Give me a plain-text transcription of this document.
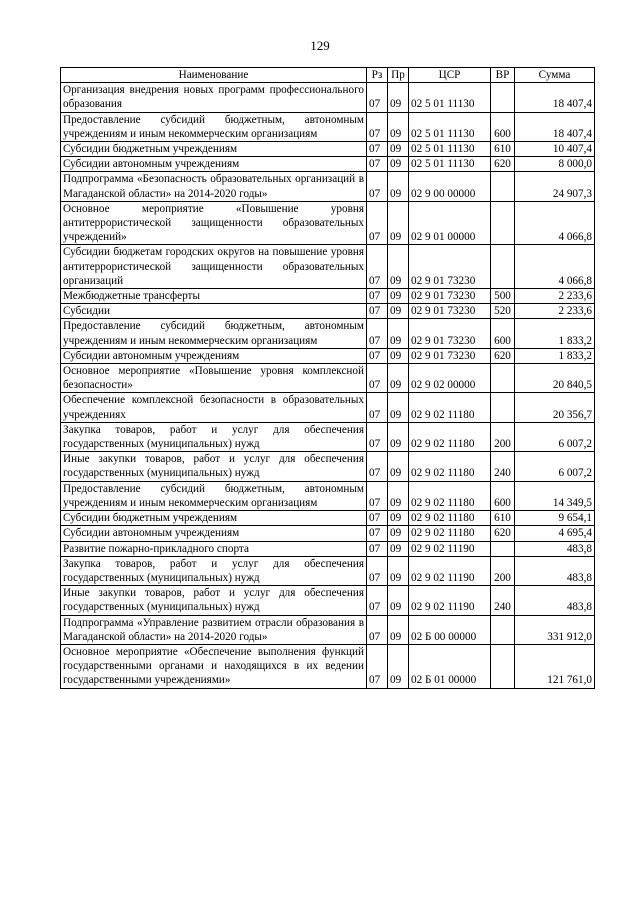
129
Наименование	Рз	Пр	ЦСР	ВР	Сумма
Организация внедрения новых программ профессионального образования	07	09	02 5 01 11130		18 407,4
Предоставление субсидий бюджетным, автономным учреждениям и иным некоммерческим организациям	07	09	02 5 01 11130	600	18 407,4
Субсидии бюджетным учреждениям	07	09	02 5 01 11130	610	10 407,4
Субсидии автономным учреждениям	07	09	02 5 01 11130	620	8 000,0
Подпрограмма «Безопасность образовательных организаций в Магаданской области» на 2014-2020 годы»	07	09	02 9 00 00000		24 907,3
Основное мероприятие «Повышение уровня антитеррористической защищенности образовательных учреждений»	07	09	02 9 01 00000		4 066,8
Субсидии бюджетам городских округов на повышение уровня антитеррористической защищенности образовательных организаций	07	09	02 9 01 73230		4 066,8
Межбюджетные трансферты	07	09	02 9 01 73230	500	2 233,6
Субсидии	07	09	02 9 01 73230	520	2 233,6
Предоставление субсидий бюджетным, автономным учреждениям и иным некоммерческим организациям	07	09	02 9 01 73230	600	1 833,2
Субсидии автономным учреждениям	07	09	02 9 01 73230	620	1 833,2
Основное мероприятие «Повышение уровня комплексной безопасности»	07	09	02 9 02 00000		20 840,5
Обеспечение комплексной безопасности в образовательных учреждениях	07	09	02 9 02 11180		20 356,7
Закупка товаров, работ и услуг для обеспечения государственных (муниципальных) нужд	07	09	02 9 02 11180	200	6 007,2
Иные закупки товаров, работ и услуг для обеспечения государственных (муниципальных) нужд	07	09	02 9 02 11180	240	6 007,2
Предоставление субсидий бюджетным, автономным учреждениям и иным некоммерческим организациям	07	09	02 9 02 11180	600	14 349,5
Субсидии бюджетным учреждениям	07	09	02 9 02 11180	610	9 654,1
Субсидии автономным учреждениям	07	09	02 9 02 11180	620	4 695,4
Развитие пожарно-прикладного спорта	07	09	02 9 02 11190		483,8
Закупка товаров, работ и услуг для обеспечения государственных (муниципальных) нужд	07	09	02 9 02 11190	200	483,8
Иные закупки товаров, работ и услуг для обеспечения государственных (муниципальных) нужд	07	09	02 9 02 11190	240	483,8
Подпрограмма «Управление развитием отрасли образования в Магаданской области» на 2014-2020 годы»	07	09	02 Б 00 00000		331 912,0
Основное мероприятие «Обеспечение выполнения функций государственными органами и находящихся в их ведении государственными учреждениями»	07	09	02 Б 01 00000		121 761,0
